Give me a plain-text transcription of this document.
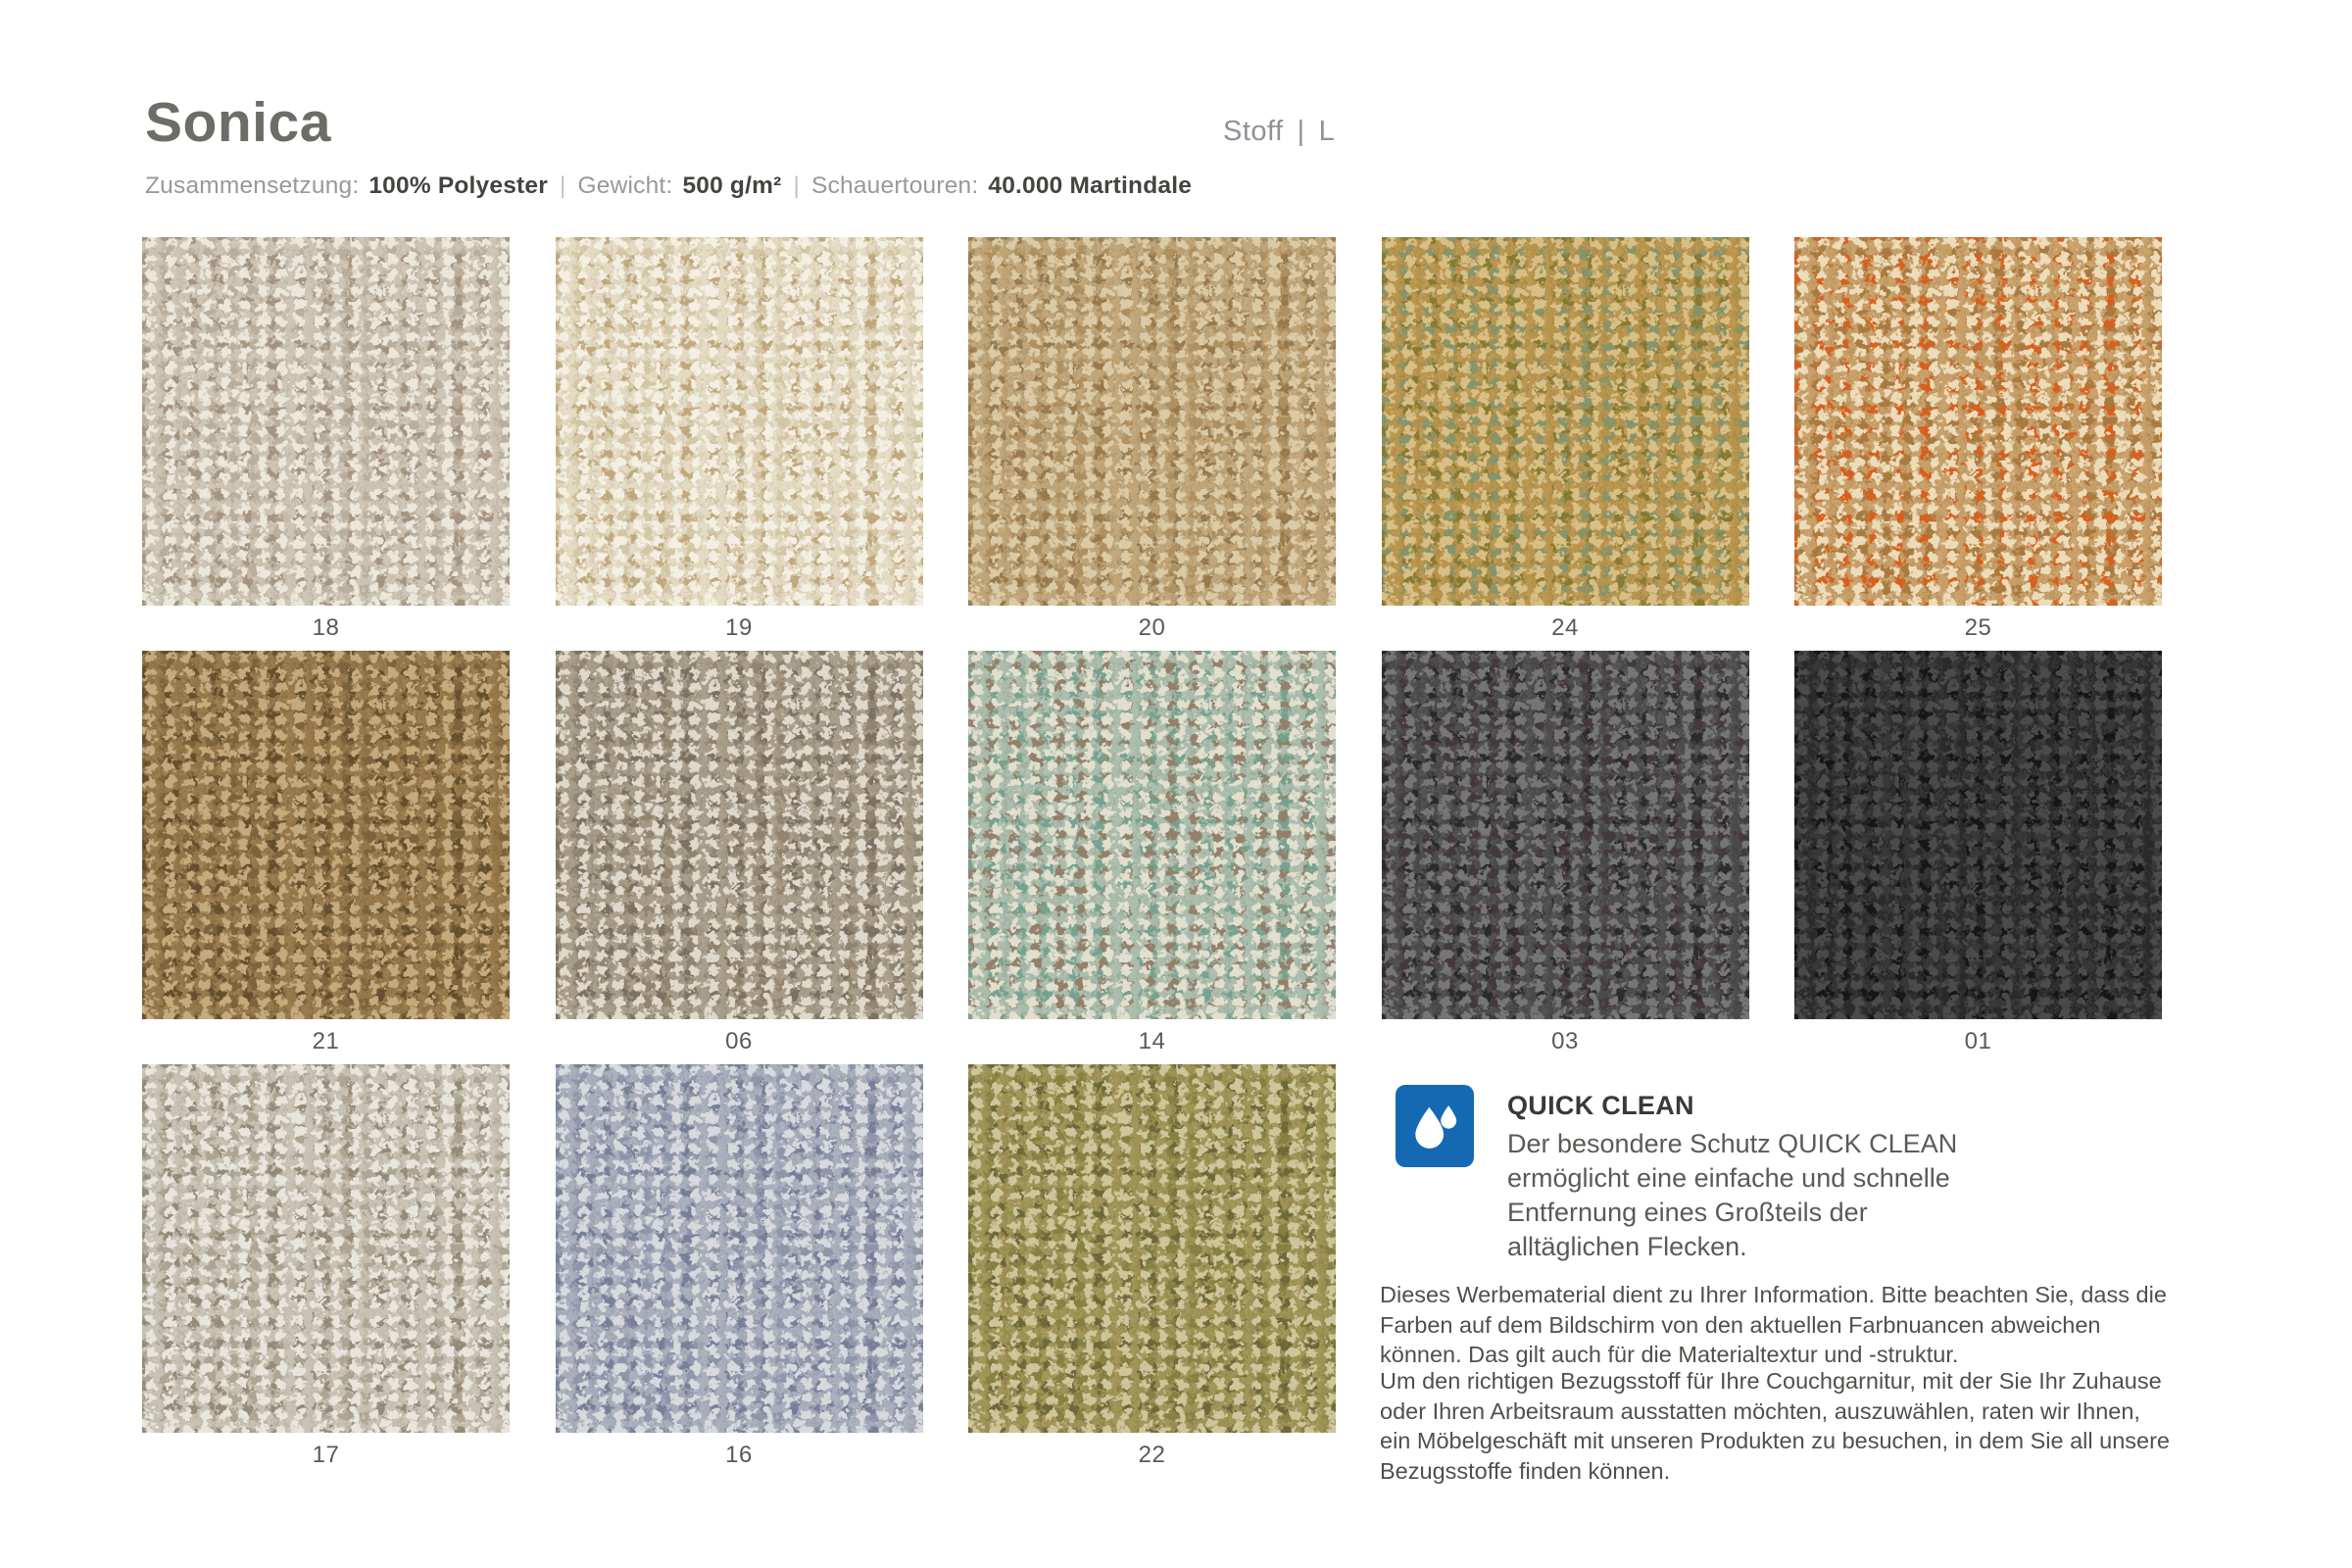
Sonica	Stoff | L
Zusammensetzung: 100% Polyester | Gewicht: 500 g/m² | Schauertouren: 40.000 Martindale
18	19	20	24	25
21	06	14	03	01
17	16	22
QUICK CLEAN
Der besondere Schutz QUICK CLEAN ermöglicht eine einfache und schnelle Entfernung eines Großteils der alltäglichen Flecken.

Dieses Werbematerial dient zu Ihrer Information. Bitte beachten Sie, dass die Farben auf dem Bildschirm von den aktuellen Farbnuancen abweichen können. Das gilt auch für die Materialtextur und -struktur.

Um den richtigen Bezugsstoff für Ihre Couchgarnitur, mit der Sie Ihr Zuhause oder Ihren Arbeitsraum ausstatten möchten, auszuwählen, raten wir Ihnen, ein Möbelgeschäft mit unseren Produkten zu besuchen, in dem Sie all unsere Bezugsstoffe finden können.
